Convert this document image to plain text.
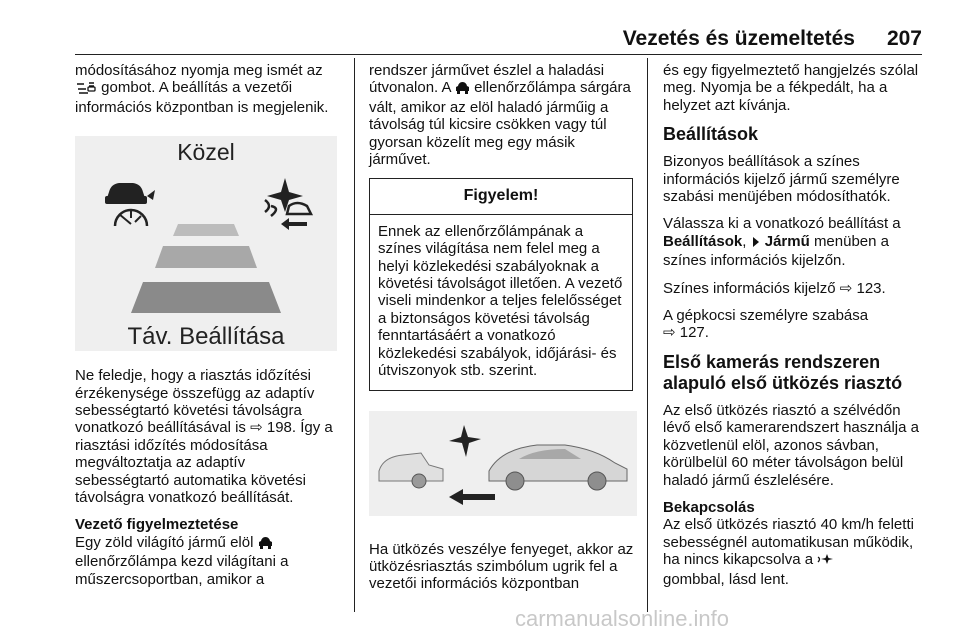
Vezetés és üzemeltetés 207

módosításához nyomja meg ismét az
gombot. A beállítás a vezetői információs központban is megjelenik.

Közel
Táv. Beállítása

Ne feledje, hogy a riasztás időzítési érzékenysége összefügg az adaptív sebességtartó követési távolságra vonatkozó beállításával is ⇨ 198. Így a riasztási időzítés módosítása megváltoztatja az adaptív sebességtartó automatika követési távolságra vonatkozó beállítását.

Vezető figyelmeztetése

Egy zöld világító jármű elöl
ellenőrzőlámpa kezd világítani a műszercsoportban, amikor a

rendszer járművet észlel a haladási útvonalon. A ellenőrzőlámpa sárgára vált, amikor az elöl haladó járműig a távolság túl kicsire csökken vagy túl gyorsan közelít meg egy másik járművet.

Figyelem!
Ennek az ellenőrzőlámpának a színes világítása nem felel meg a helyi közlekedési szabályoknak a követési távolságot illetően. A vezető viseli mindenkor a teljes felelősséget a biztonságos követési távolság fenntartásáért a vonatkozó közlekedési szabályok, időjárási- és útviszonyok stb. szerint.

Ha ütközés veszélye fenyeget, akkor az ütközésriasztás szimbólum ugrik fel a vezetői információs központban

és egy figyelmeztető hangjelzés szólal meg. Nyomja be a fékpedált, ha a helyzet azt kívánja.

Beállítások

Bizonyos beállítások a színes információs kijelző jármű személyre szabási menüjében módosíthatók.

Válassza ki a vonatkozó beállítást a Beállítások,  Jármű menüben a színes információs kijelzőn.

Színes információs kijelző ⇨ 123.

A gépkocsi személyre szabása
⇨ 127.

Első kamerás rendszeren alapuló első ütközés riasztó

Az első ütközés riasztó a szélvédőn lévő első kamerarendszert használja a közvetlenül elöl, azonos sávban, körülbelül 60 méter távolságon belül haladó jármű észlelésére.

Bekapcsolás

Az első ütközés riasztó 40 km/h feletti sebességnél automatikusan működik, ha nincs kikapcsolva a
gombbal, lásd lent.

carmanualsonline.info
